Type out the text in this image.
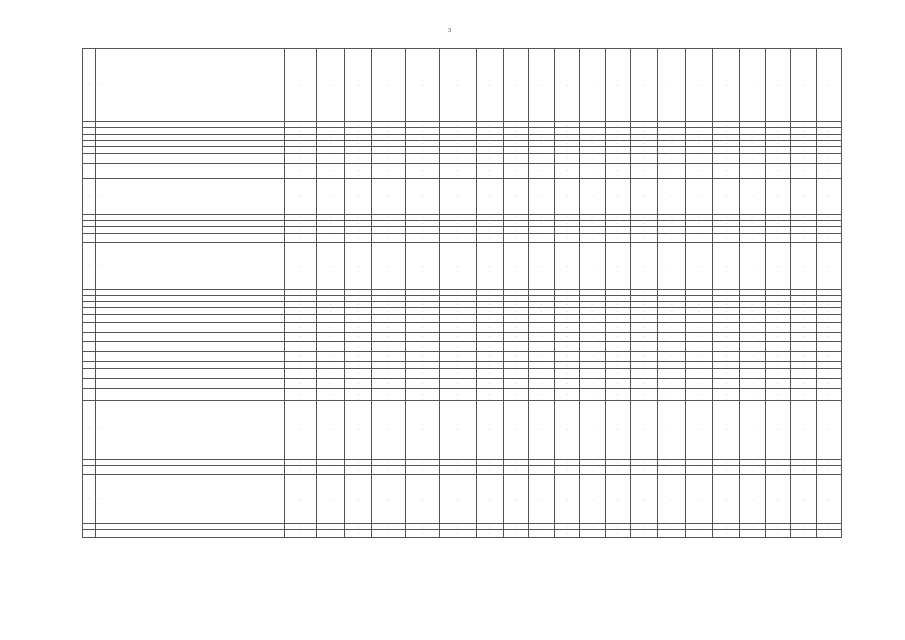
3
…	…	…	…	…	…	…	…	…	…	…	…	…	…	…	…	…	…	…	…	…	…
		…	…	…	…	…	…	…	…	…	…	…	…	…	…	…	…	…	…	…	…
		…	…	…	…	…	…	…	…	…	…	…	…	…	…	…	…	…	…	…	…
		…	…	…	…	…	…	…	…	…	…	…	…	…	…	…	…	…	…	…	…
		…	…	…	…	…	…	…	…	…	…	…	…	…	…	…	…	…	…	…	…
		…	…	…	…	…	…	…	…	…	…	…	…	…	…	…	…	…	…	…	…
		…	…	…	…	…	…	…	…	…	…	…	…	…	…	…	…	…	…	…	…
		…	…	…	…	…	…	…	…	…	…	…	…	…	…	…	…	…	…	…	…
…	…	…	…	…	…	…	…	…	…	…	…	…	…	…	…	…	…	…	…	…	…
		…	…	…	…	…	…	…	…	…	…	…	…	…	…	…	…	…	…	…	…
		…	…	…	…	…	…	…	…	…	…	…	…	…	…	…	…	…	…	…	…
		…	…	…	…	…	…	…	…	…	…	…	…	…	…	…	…	…	…	…	…
		…	…	…	…	…	…	…	…	…	…	…	…	…	…	…	…	…	…	…	…
…	…	…	…	…	…	…	…	…	…	…	…	…	…	…	…	…	…	…	…	…	…
		…	…	…	…	…	…	…	…	…	…	…	…	…	…	…	…	…	…	…	…
		…	…	…	…	…	…	…	…	…	…	…	…	…	…	…	…	…	…	…	…
		…	…	…	…	…	…	…	…	…	…	…	…	…	…	…	…	…	…	…	…
		…	…	…	…	…	…	…	…	…	…	…	…	…	…	…	…	…	…	…	…
		…	…	…	…	…	…	…	…	…	…	…	…	…	…	…	…	…	…	…	…
		…	…	…	…	…	…	…	…	…	…	…	…	…	…	…	…	…	…	…	…
		…	…	…	…	…	…	…	…	…	…	…	…	…	…	…	…	…	…	…	…
		…	…	…	…	…	…	…	…	…	…	…	…	…	…	…	…	…	…	…	…
		…	…	…	…	…	…	…	…	…	…	…	…	…	…	…	…	…	…	…	…
		…	…	…	…	…	…	…	…	…	…	…	…	…	…	…	…	…	…	…	…
		…	…	…	…	…	…	…	…	…	…	…	…	…	…	…	…	…	…	…	…
		…	…	…	…	…	…	…	…	…	…	…	…	…	…	…	…	…	…	…	…
		…	…	…	…	…	…	…	…	…	…	…	…	…	…	…	…	…	…	…	…
…	…	…	…	…	…	…	…	…	…	…	…	…	…	…	…	…	…	…	…	…	…
		…	…	…	…	…	…	…	…	…	…	…	…	…	…	…	…	…	…	…	…
		…	…	…	…	…	…	…	…	…	…	…	…	…	…	…	…	…	…	…	…
…	…	…	…	…	…	…	…	…	…	…	…	…	…	…	…	…	…	…	…	…	…
		…	…	…	…	…	…	…	…	…	…	…	…	…	…	…	…	…	…	…	…
		…	…	…	…	…	…	…	…	…	…	…	…	…	…	…	…	…	…	…	…
